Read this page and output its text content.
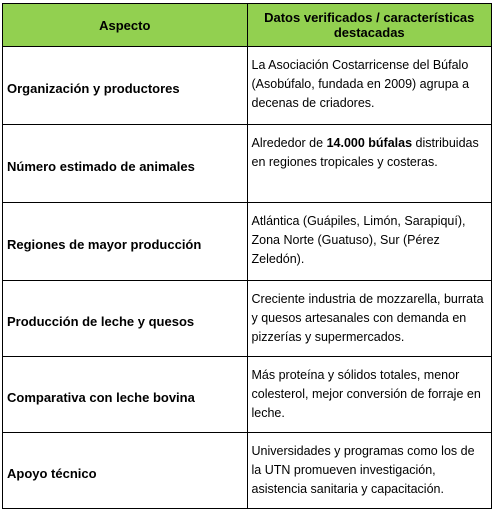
Aspecto	Datos verificados / características destacadas
Organización y productores	La Asociación Costarricense del Búfalo (Asobúfalo, fundada en 2009) agrupa a decenas de criadores.
Número estimado de animales	Alrededor de 14.000 búfalas distribuidas en regiones tropicales y costeras.
Regiones de mayor producción	Atlántica (Guápiles, Limón, Sarapiquí), Zona Norte (Guatuso), Sur (Pérez Zeledón).
Producción de leche y quesos	Creciente industria de mozzarella, burrata y quesos artesanales con demanda en pizzerías y supermercados.
Comparativa con leche bovina	Más proteína y sólidos totales, menor colesterol, mejor conversión de forraje en leche.
Apoyo técnico	Universidades y programas como los de la UTN promueven investigación, asistencia sanitaria y capacitación.
